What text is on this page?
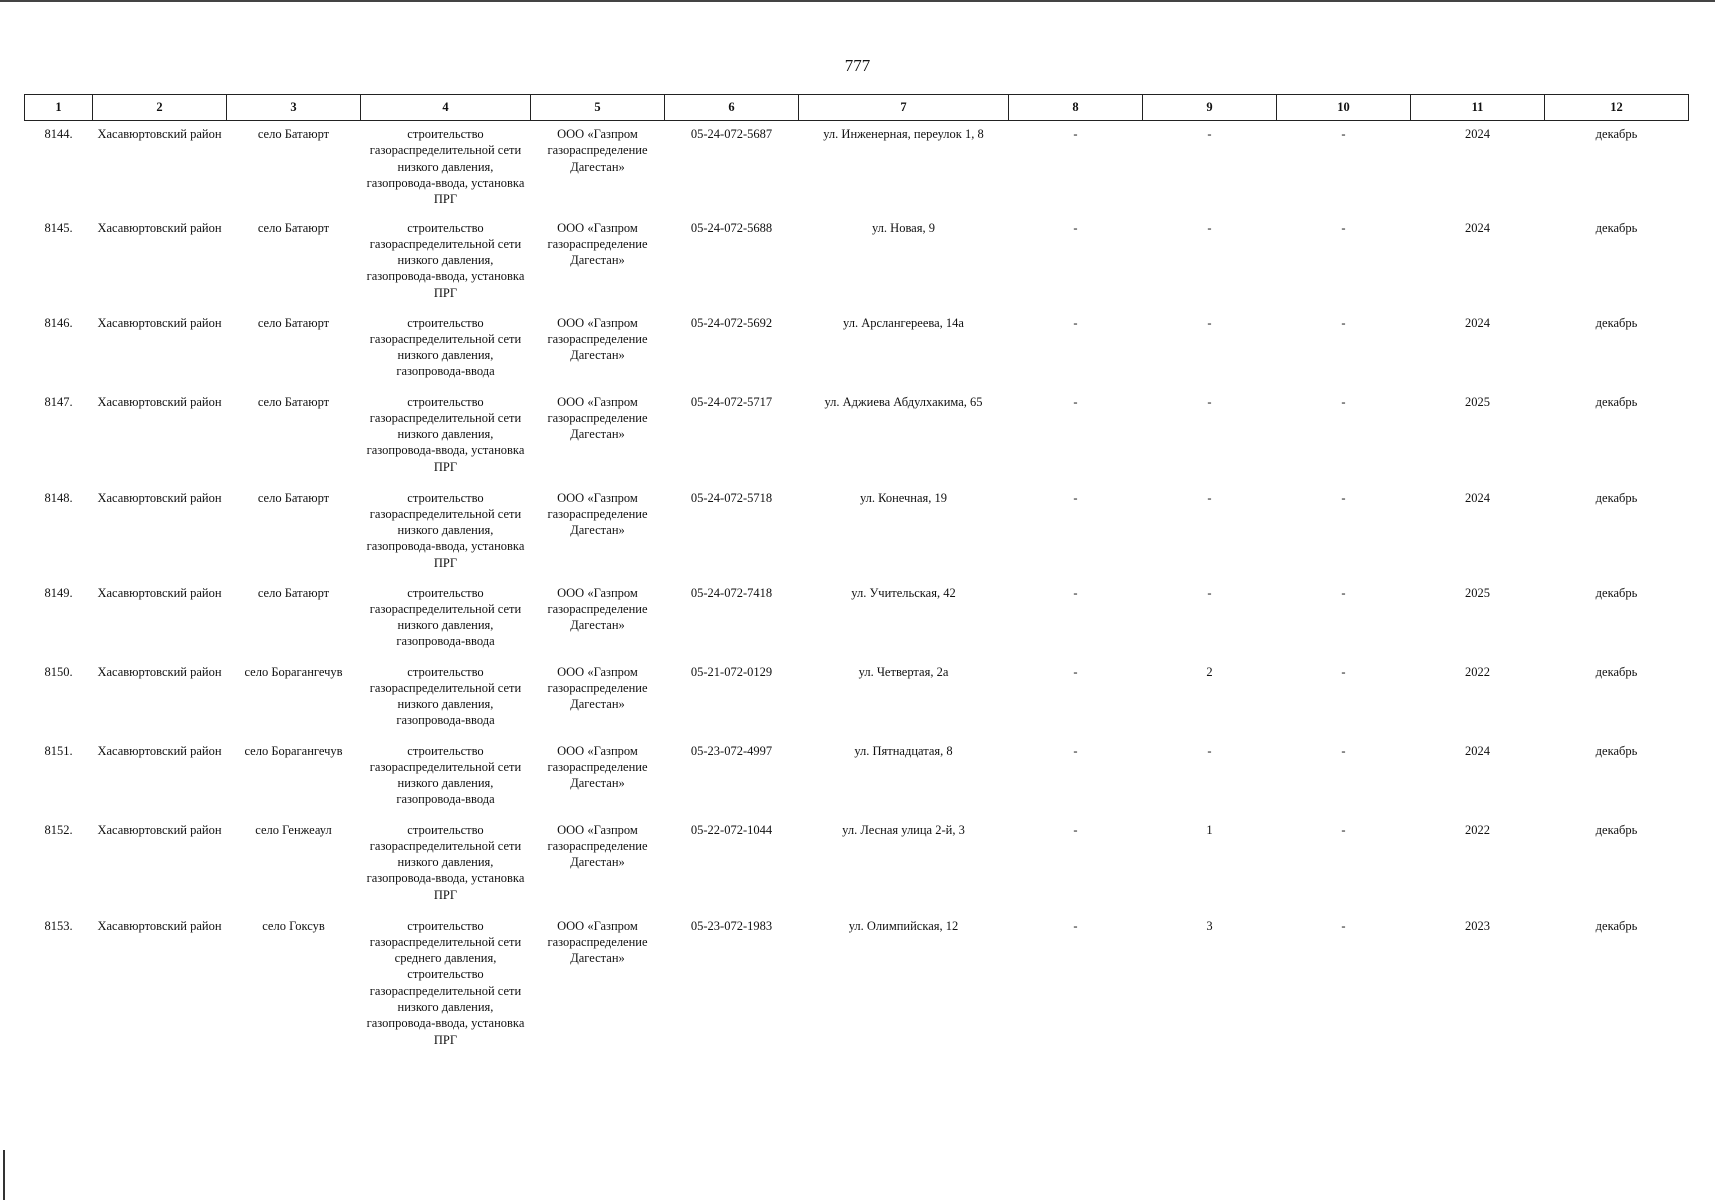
777
1	2	3	4	5	6	7	8	9	10	11	12
8144.	Хасавюртовский район	село Батаюрт	строительство газораспределительной сети низкого давления, газопровода-ввода, установка ПРГ	ООО «Газпром газораспределение Дагестан»	05-24-072-5687	ул. Инженерная, переулок 1, 8	-	-	-	2024	декабрь
8145.	Хасавюртовский район	село Батаюрт	строительство газораспределительной сети низкого давления, газопровода-ввода, установка ПРГ	ООО «Газпром газораспределение Дагестан»	05-24-072-5688	ул. Новая, 9	-	-	-	2024	декабрь
8146.	Хасавюртовский район	село Батаюрт	строительство газораспределительной сети низкого давления, газопровода-ввода	ООО «Газпром газораспределение Дагестан»	05-24-072-5692	ул. Арслангереева, 14а	-	-	-	2024	декабрь
8147.	Хасавюртовский район	село Батаюрт	строительство газораспределительной сети низкого давления, газопровода-ввода, установка ПРГ	ООО «Газпром газораспределение Дагестан»	05-24-072-5717	ул. Аджиева Абдулхакима, 65	-	-	-	2025	декабрь
8148.	Хасавюртовский район	село Батаюрт	строительство газораспределительной сети низкого давления, газопровода-ввода, установка ПРГ	ООО «Газпром газораспределение Дагестан»	05-24-072-5718	ул. Конечная, 19	-	-	-	2024	декабрь
8149.	Хасавюртовский район	село Батаюрт	строительство газораспределительной сети низкого давления, газопровода-ввода	ООО «Газпром газораспределение Дагестан»	05-24-072-7418	ул. Учительская, 42	-	-	-	2025	декабрь
8150.	Хасавюртовский район	село Борагангечув	строительство газораспределительной сети низкого давления, газопровода-ввода	ООО «Газпром газораспределение Дагестан»	05-21-072-0129	ул. Четвертая, 2а	-	2	-	2022	декабрь
8151.	Хасавюртовский район	село Борагангечув	строительство газораспределительной сети низкого давления, газопровода-ввода	ООО «Газпром газораспределение Дагестан»	05-23-072-4997	ул. Пятнадцатая, 8	-	-	-	2024	декабрь
8152.	Хасавюртовский район	село Генжеаул	строительство газораспределительной сети низкого давления, газопровода-ввода, установка ПРГ	ООО «Газпром газораспределение Дагестан»	05-22-072-1044	ул. Лесная улица 2-й, 3	-	1	-	2022	декабрь
8153.	Хасавюртовский район	село Гоксув	строительство газораспределительной сети среднего давления, строительство газораспределительной сети низкого давления, газопровода-ввода, установка ПРГ	ООО «Газпром газораспределение Дагестан»	05-23-072-1983	ул. Олимпийская, 12	-	3	-	2023	декабрь
